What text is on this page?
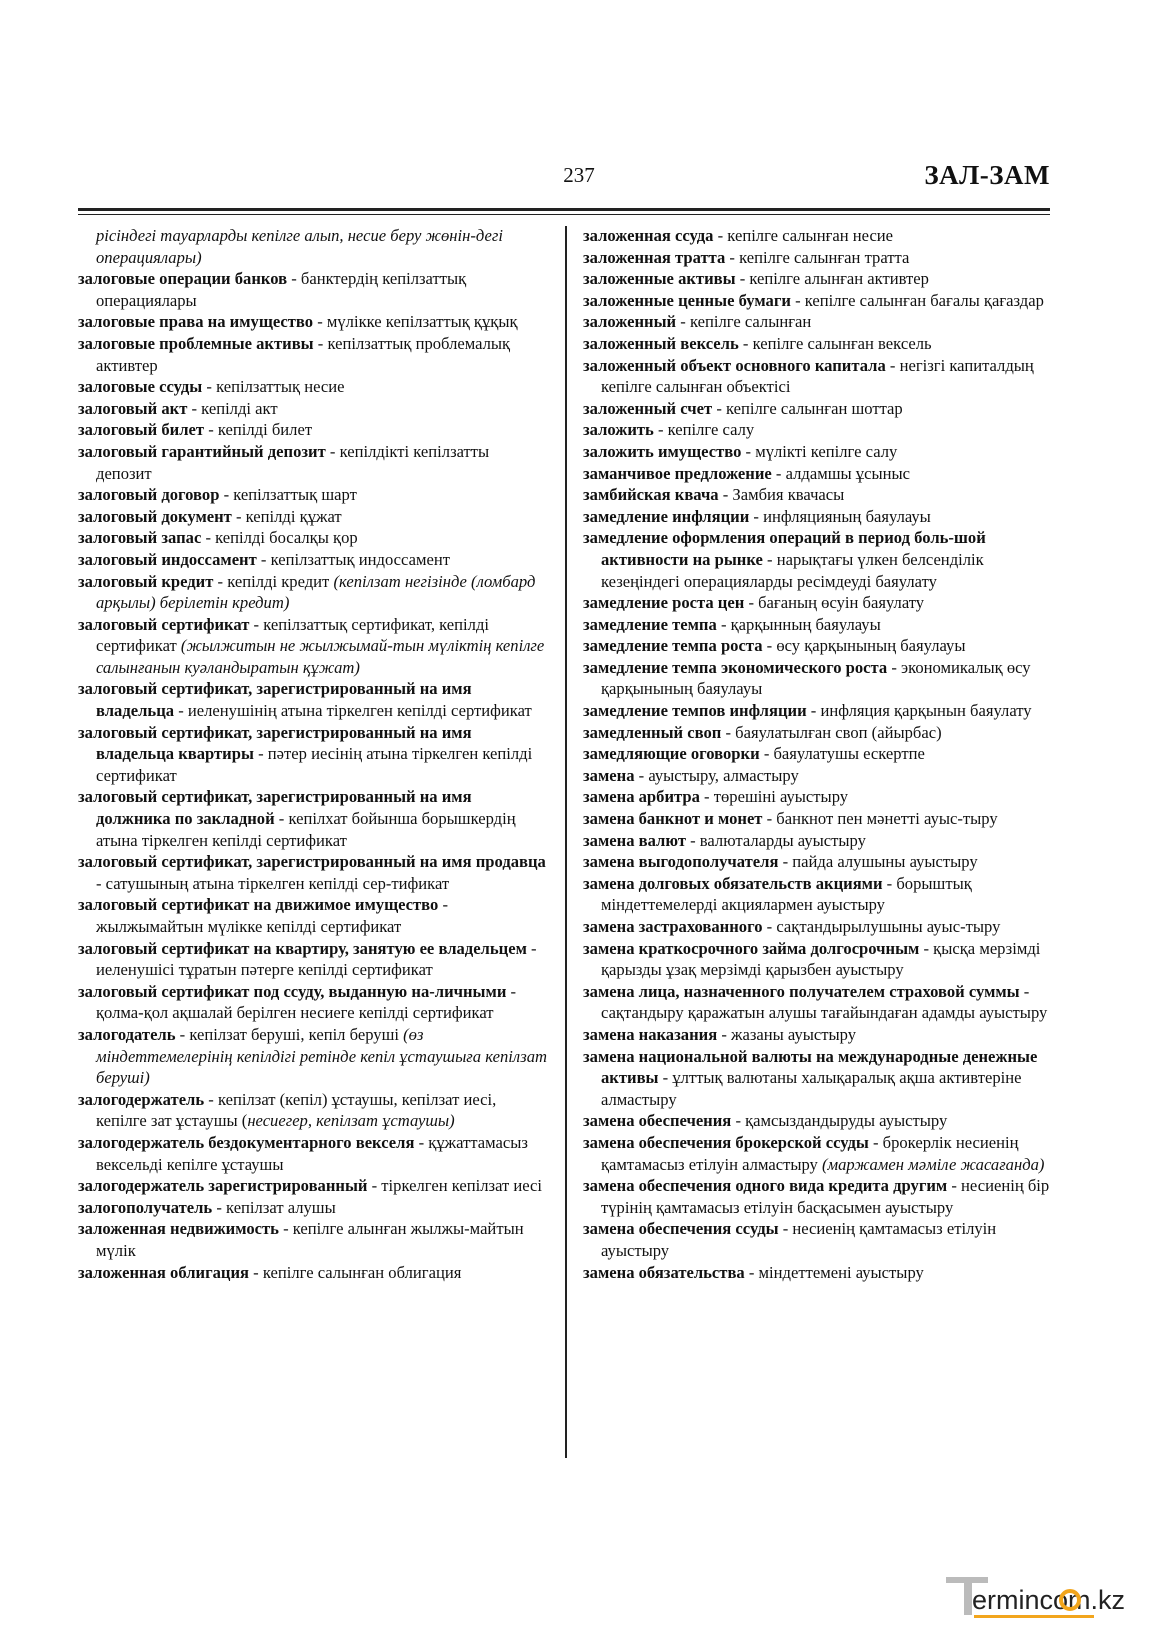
237	ЗАЛ-ЗАМ

рісіндегі тауарларды кепілге алып, несие беру жөнін-дегі операциялары)

залоговые операции банков - банктердің кепілзаттық операциялары

залоговые права на имущество - мүлікке кепілзаттық құқық

залоговые проблемные активы - кепілзаттық проблемалық активтер

залоговые ссуды - кепілзаттық несие

залоговый акт - кепілді акт

залоговый билет - кепілді билет

залоговый гарантийный депозит - кепілдікті кепілзатты депозит

залоговый договор - кепілзаттық шарт

залоговый документ - кепілді құжат

залоговый запас - кепілді босалқы қор

залоговый индоссамент - кепілзаттық индоссамент

залоговый кредит - кепілді кредит (кепілзат негізінде (ломбард арқылы) берілетін кредит)

залоговый сертификат - кепілзаттық сертификат, кепілді сертификат (жылжитын не жылжымай-тын мүліктің кепілге салынғанын куәландыратын құжат)

залоговый сертификат, зарегистрированный на имя владельца - иеленушінің атына тіркелген кепілді сертификат

залоговый сертификат, зарегистрированный на имя владельца квартиры - пәтер иесінің атына тіркелген кепілді сертификат

залоговый сертификат, зарегистрированный на имя должника по закладной - кепілхат бойынша борышкердің атына тіркелген кепілді сертификат

залоговый сертификат, зарегистрированный на имя продавца - сатушының атына тіркелген кепілді сер-тификат

залоговый сертификат на движимое имущество - жылжымайтын мүлікке кепілді сертификат

залоговый сертификат на квартиру, занятую ее владельцем - иеленушісі тұратын пәтерге кепілді сертификат

залоговый сертификат под ссуду, выданную на-личными - қолма-қол ақшалай берілген несиеге кепілді сертификат

залогодатель - кепілзат беруші, кепіл беруші (өз міндеттемелерінің кепілдігі ретінде кепіл ұстаушыға кепілзат беруші)

залогодержатель - кепілзат (кепіл) ұстаушы, кепілзат иесі, кепілге зат ұстаушы (несиегер, кепілзат ұстаушы)

залогодержатель бездокументарного векселя - құжаттамасыз вексельді кепілге ұстаушы

залогодержатель зарегистрированный - тіркелген кепілзат иесі

залогополучатель - кепілзат алушы

заложенная недвижимость - кепілге алынған жылжы-майтын мүлік

заложенная облигация - кепілге салынған облигация

заложенная ссуда - кепілге салынған несие

заложенная тратта - кепілге салынған тратта

заложенные активы - кепілге алынған активтер

заложенные ценные бумаги - кепілге салынған бағалы қағаздар

заложенный - кепілге салынған

заложенный вексель - кепілге салынған вексель

заложенный объект основного капитала - негізгі капиталдың кепілге салынған объектісі

заложенный счет - кепілге салынған шоттар

заложить - кепілге салу

заложить имущество - мүлікті кепілге салу

заманчивое предложение - алдамшы ұсыныс

замбийская квача - Замбия квачасы

замедление инфляции - инфляцияның баяулауы

замедление оформления операций в период боль-шой активности на рынке - нарықтағы үлкен белсенділік кезеңіндегі операцияларды ресімдеуді баяулату

замедление роста цен - бағаның өсуін баяулату

замедление темпа - қарқынның баяулауы

замедление темпа роста - өсу қарқынының баяулауы

замедление темпа экономического роста - экономикалық өсу қарқынының баяулауы

замедление темпов инфляции - инфляция қарқынын баяулату

замедленный своп - баяулатылған своп (айырбас)

замедляющие оговорки - баяулатушы ескертпе

замена - ауыстыру, алмастыру

замена арбитра - төрешіні ауыстыру

замена банкнот и монет - банкнот пен мәнетті ауыс-тыру

замена валют - валюталарды ауыстыру

замена выгодополучателя - пайда алушыны ауыстыру

замена долговых обязательств акциями - борыштық міндеттемелерді акциялармен ауыстыру

замена застрахованного - сақтандырылушыны ауыс-тыру

замена краткосрочного займа долгосрочным - қысқа мерзімді қарызды ұзақ мерзімді қарызбен ауыстыру

замена лица, назначенного получателем страховой суммы - сақтандыру қаражатын алушы тағайындаған адамды ауыстыру

замена наказания - жазаны ауыстыру

замена национальной валюты на международные денежные активы - ұлттық валютаны халықаралық ақша активтеріне алмастыру

замена обеспечения - қамсыздандыруды ауыстыру

замена обеспечения брокерской ссуды - брокерлік несиенің қамтамасыз етілуін алмастыру (маржамен мәміле жасағанда)

замена обеспечения одного вида кредита другим - несиенің бір түрінің қамтамасыз етілуін басқасымен ауыстыру

замена обеспечения ссуды - несиенің қамтамасыз етілуін ауыстыру

замена обязательства - міндеттемені ауыстыру

ermincom.kz
